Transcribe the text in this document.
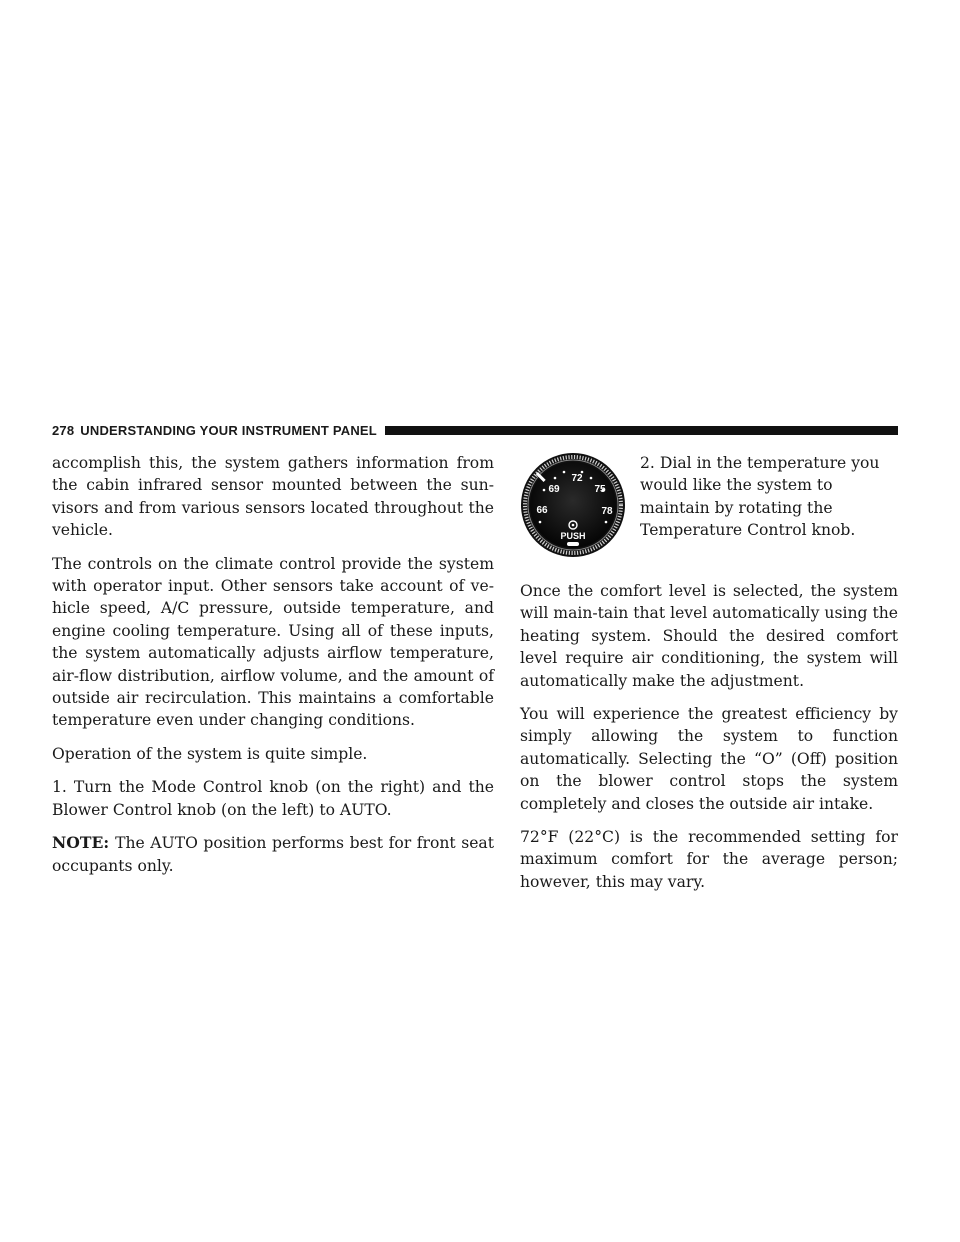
278 UNDERSTANDING YOUR INSTRUMENT PANEL

accomplish this, the system gathers information from the cabin infrared sensor mounted between the sun-visors and from various sensors located throughout the vehicle.

The controls on the climate control provide the system with operator input. Other sensors take account of ve-hicle speed, A/C pressure, outside temperature, and engine cooling temperature. Using all of these inputs, the system automatically adjusts airflow temperature, air-flow distribution, airflow volume, and the amount of outside air recirculation. This maintains a comfortable temperature even under changing conditions.

Operation of the system is quite simple.

1. Turn the Mode Control knob (on the right) and the Blower Control knob (on the left) to AUTO.

NOTE: The AUTO position performs best for front seat occupants only.

66
69
72
75
78
PUSH
2. Dial in the temperature you would like the system to maintain by rotating the Temperature Control knob.

Once the comfort level is selected, the system will main-tain that level automatically using the heating system. Should the desired comfort level require air conditioning, the system will automatically make the adjustment.

You will experience the greatest efficiency by simply allowing the system to function automatically. Selecting the “O” (Off) position on the blower control stops the system completely and closes the outside air intake.

72°F (22°C) is the recommended setting for maximum comfort for the average person; however, this may vary.
